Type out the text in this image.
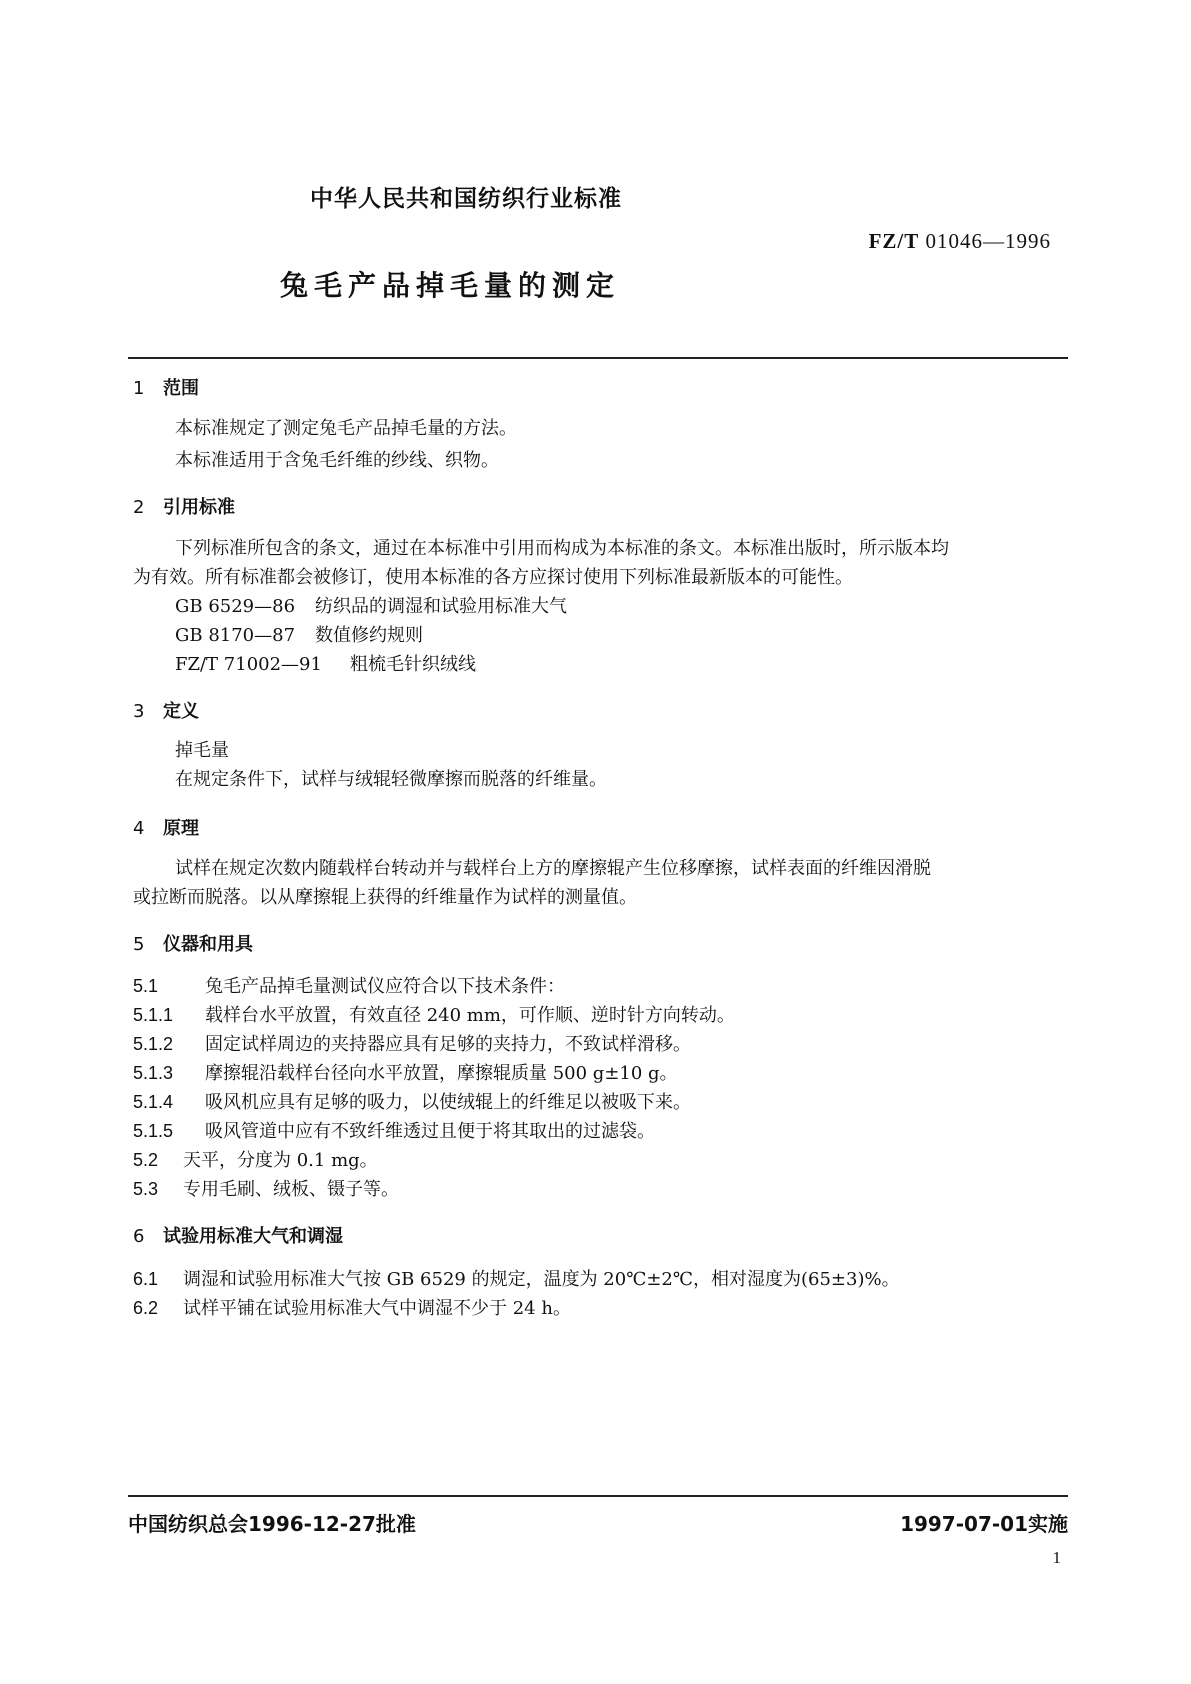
中华人民共和国纺织行业标准
FZ/T 01046—1996
兔毛产品掉毛量的测定
1 范围
本标准规定了测定兔毛产品掉毛量的方法。
本标准适用于含兔毛纤维的纱线、织物。
2 引用标准
下列标准所包含的条文，通过在本标准中引用而构成为本标准的条文。本标准出版时，所示版本均
为有效。所有标准都会被修订，使用本标准的各方应探讨使用下列标准最新版本的可能性。
GB 6529—86 纺织品的调湿和试验用标准大气
GB 8170—87 数值修约规则
FZ/T 71002—91 粗梳毛针织绒线
3 定义
掉毛量
在规定条件下，试样与绒辊轻微摩擦而脱落的纤维量。
4 原理
试样在规定次数内随载样台转动并与载样台上方的摩擦辊产生位移摩擦，试样表面的纤维因滑脱
或拉断而脱落。以从摩擦辊上获得的纤维量作为试样的测量值。
5 仪器和用具
5.1	兔毛产品掉毛量测试仪应符合以下技术条件：
5.1.1 载样台水平放置，有效直径 240 mm，可作顺、逆时针方向转动。
5.1.2 固定试样周边的夹持器应具有足够的夹持力，不致试样滑移。
5.1.3 摩擦辊沿载样台径向水平放置，摩擦辊质量 500 g±10 g。
5.1.4 吸风机应具有足够的吸力，以使绒辊上的纤维足以被吸下来。
5.1.5 吸风管道中应有不致纤维透过且便于将其取出的过滤袋。
5.2 天平，分度为 0.1 mg。
5.3 专用毛刷、绒板、镊子等。
6 试验用标准大气和调湿
6.1 调湿和试验用标准大气按 GB 6529 的规定，温度为 20℃±2℃，相对湿度为(65±3)%。
6.2 试样平铺在试验用标准大气中调湿不少于 24 h。
中国纺织总会1996-12-27批准	1997-07-01实施
1
